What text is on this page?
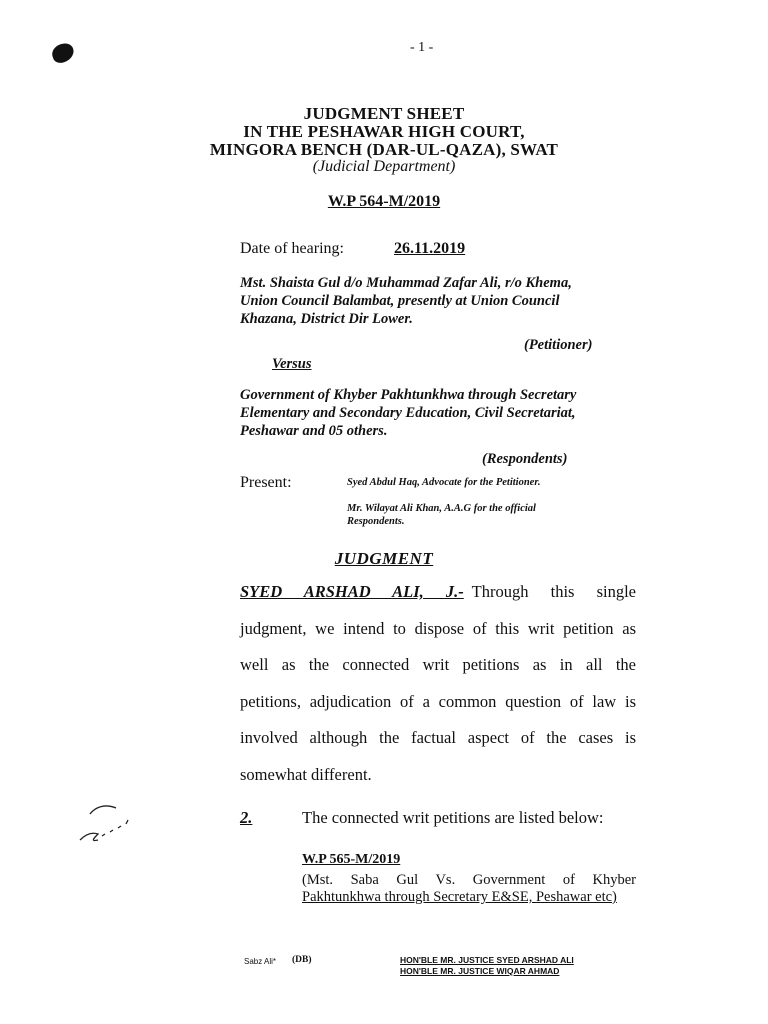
- 1 -
JUDGMENT SHEET
IN THE PESHAWAR HIGH COURT,
MINGORA BENCH (DAR-UL-QAZA), SWAT
(Judicial Department)
W.P 564-M/2019
Date of hearing:	26.11.2019
Mst. Shaista Gul d/o Muhammad Zafar Ali, r/o Khema,
Union Council Balambat, presently at Union Council
Khazana, District Dir Lower.
(Petitioner)
Versus
Government of Khyber Pakhtunkhwa through Secretary
Elementary and Secondary Education, Civil Secretariat,
Peshawar and 05 others.
(Respondents)
Present:	Syed Abdul Haq, Advocate for the Petitioner.
Mr. Wilayat Ali Khan, A.A.G for the official
Respondents.
JUDGMENT
SYED ARSHAD ALI, J.- Through this single
judgment, we intend to dispose of this writ petition as
well as the connected writ petitions as in all the
petitions, adjudication of a common question of law is
involved although the factual aspect of the cases is
somewhat different.
2.	The connected writ petitions are listed below:
W.P 565-M/2019
(Mst. Saba Gul Vs. Government of Khyber
Pakhtunkhwa through Secretary E&SE, Peshawar etc)
Sabz Ali* (DB)	HON'BLE MR. JUSTICE SYED ARSHAD ALI
HON'BLE MR. JUSTICE WIQAR AHMAD
